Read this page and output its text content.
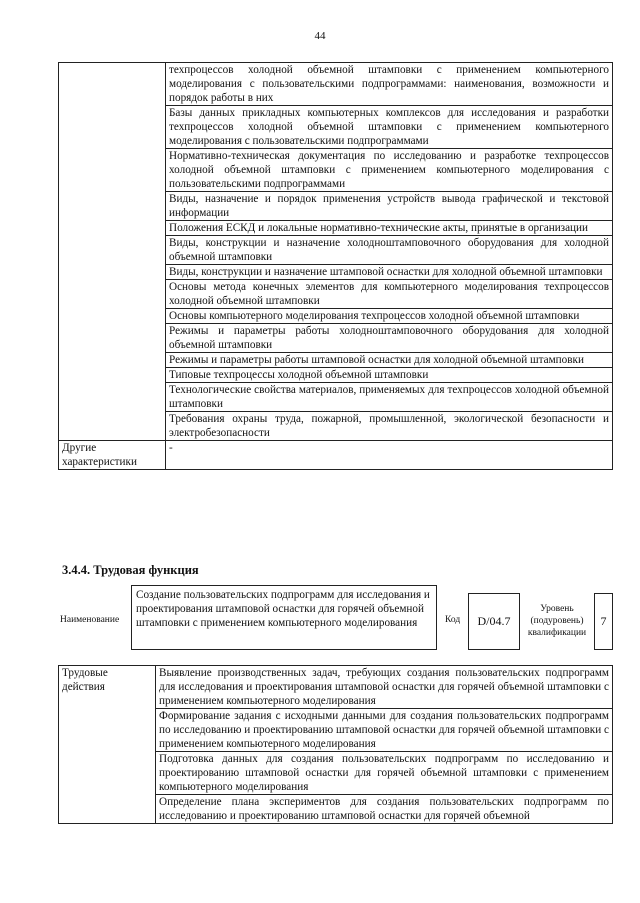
44
	техпроцессов холодной объемной штамповки с применением компьютерного моделирования с пользовательскими подпрограммами: наименования, возможности и порядок работы в них
	Базы данных прикладных компьютерных комплексов для исследования и разработки техпроцессов холодной объемной штамповки с применением компьютерного моделирования с пользовательскими подпрограммами
	Нормативно-техническая документация по исследованию и разработке техпроцессов холодной объемной штамповки с применением компьютерного моделирования с пользовательскими подпрограммами
	Виды, назначение и порядок применения устройств вывода графической и текстовой информации
	Положения ЕСКД и локальные нормативно-технические акты, принятые в организации
	Виды, конструкции и назначение холодноштамповочного оборудования для холодной объемной штамповки
	Виды, конструкции и назначение штамповой оснастки для холодной объемной штамповки
	Основы метода конечных элементов для компьютерного моделирования техпроцессов холодной объемной штамповки
	Основы компьютерного моделирования техпроцессов холодной объемной штамповки
	Режимы и параметры работы холодноштамповочного оборудования для холодной объемной штамповки
	Режимы и параметры работы штамповой оснастки для холодной объемной штамповки
	Типовые техпроцессы холодной объемной штамповки
	Технологические свойства материалов, применяемых для техпроцессов холодной объемной штамповки
	Требования охраны труда, пожарной, промышленной, экологической безопасности и электробезопасности
Другие характеристики	-
3.4.4. Трудовая функция
Наименование
Создание пользовательских подпрограмм для исследования и проектирования штамповой оснастки для горячей объемной штамповки с применением компьютерного моделирования	Код	D/04.7
Уровень (подуровень) квалификации
7
Трудовые действия	Выявление производственных задач, требующих создания пользовательских подпрограмм для исследования и проектирования штамповой оснастки для горячей объемной штамповки с применением компьютерного моделирования
Формирование задания с исходными данными для создания пользовательских подпрограмм по исследованию и проектированию штамповой оснастки для горячей объемной штамповки с применением компьютерного моделирования
Подготовка данных для создания пользовательских подпрограмм по исследованию и проектированию штамповой оснастки для горячей объемной штамповки с применением компьютерного моделирования
Определение плана экспериментов для создания пользовательских подпрограмм по исследованию и проектированию штамповой оснастки для горячей объемной
